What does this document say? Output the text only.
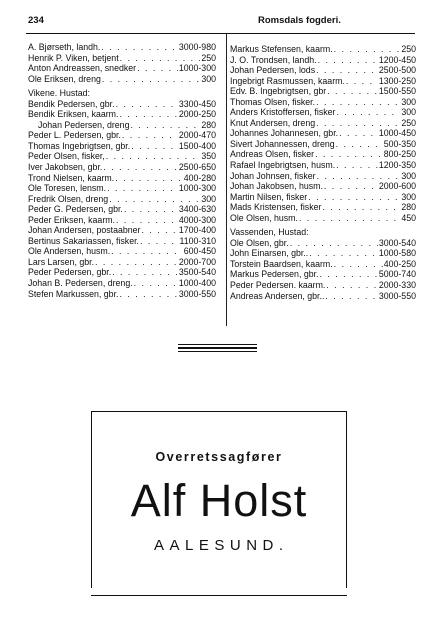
234	Romsdals fogderi.
A. Bjørseth, landh. . . .	3000-980
Henrik P. Viken, betjent . . .	250
Anton Andreassen, snedker . . .	1000-300
Ole Eriksen, dreng . . .	300
Vikene. Hustad:
Bendik Pedersen, gbr. . . .	3300-450
Bendik Eriksen, kaarm. . . .	2000-250
Johan Pedersen, dreng . . .	280
Peder L. Pedersen, gbr. . . .	2000-470
Thomas Ingebrigtsen, gbr. . . .	1500-400
Peder Olsen, fisker, . . .	350
Iver Jakobsen, gbr. . . .	2500-650
Trond Nielsen, kaarm. . . .	400-280
Ole Toresen, lensm. . . .	1000-300
Fredrik Olsen, dreng . . .	300
Peder G. Pedersen, gbr. . . .	3400-630
Peder Eriksen, kaarm. . . .	4000-300
Johan Andersen, postaabner . . .	1700-400
Bertinus Sakariassen, fisker. . . .	1100-310
Ole Andersen, husm. . . .	600-450
Lars Larsen, gbr. . . .	2000-700
Peder Pedersen, gbr. . . .	3500-540
Johan B. Pedersen, dreng. . . .	1000-400
Stefen Markussen, gbr. . . .	3000-550
Markus Stefensen, kaarm. . . .	250
J. O. Trondsen, landh. . . .	1200-450
Johan Pedersen, lods . . .	2500-500
Ingebrigt Rasmussen, kaarm. . . .	1300-250
Edv. B. Ingebrigtsen, gbr . . .	1500-550
Thomas Olsen, fisker. . . .	300
Anders Kristoffersen, fisker . . .	300
Knut Andersen, dreng . . .	250
Johannes Johannesen, gbr. . . .	1000-450
Sivert Johannessen, dreng . . .	500-350
Andreas Olsen, fisker . . .	800-250
Rafael Ingebrigtsen, husm. . . .	1200-350
Johan Johnsen, fisker . . .	300
Johan Jakobsen, husm. . . .	2000-600
Martin Nilsen, fisker . . .	300
Mads Kristensen, fisker . . .	280
Ole Olsen, husm. . . .	450
Vassenden, Hustad:
Ole Olsen, gbr. . . .	3000-540
John Einarsen, gbr.. . . .	1000-580
Torstein Baardsen, kaarm. . . .	400-250
Markus Pedersen, gbr. . . .	5000-740
Peder Pedersen. kaarm. . . .	2000-330
Andreas Andersen, gbr.. . . .	3000-550
Overretssagfører
Alf Holst
AALESUND.
